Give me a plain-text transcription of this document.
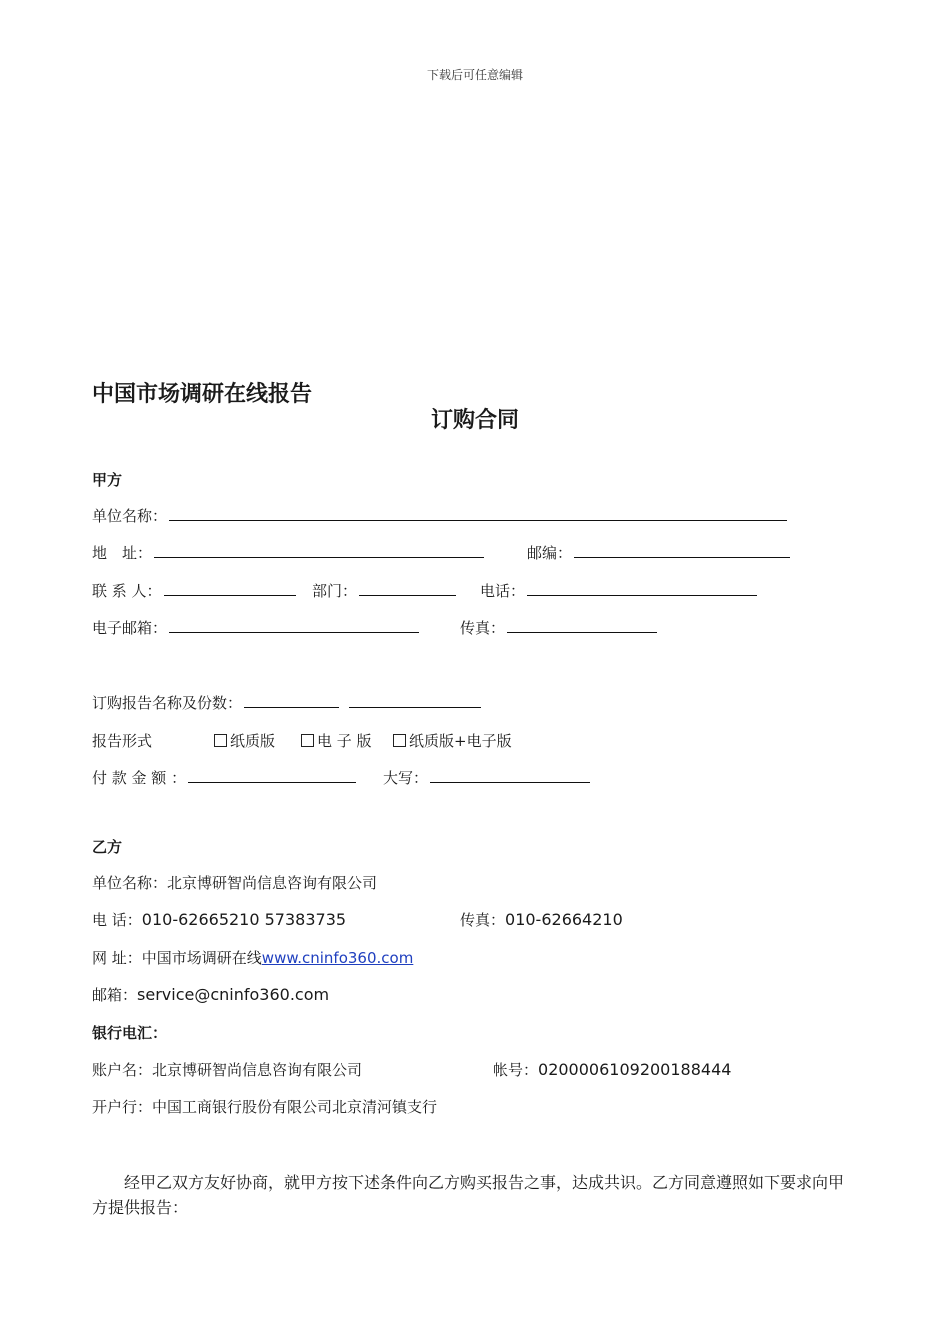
下载后可任意编辑
中国市场调研在线报告
订购合同
甲方
单位名称：
地　址：	邮编：
联 系 人：	部门：	电话：
电子邮箱：	传真：
订购报告名称及份数：
报告形式	纸质版	电 子 版	纸质版+电子版
付 款 金 额 ：	大写：
乙方
单位名称：北京博研智尚信息咨询有限公司
电 话：010-62665210 57383735	传真：010-62664210
网 址：中国市场调研在线www.cninfo360.com
邮箱：service@cninfo360.com
银行电汇：
账户名：北京博研智尚信息咨询有限公司	帐号：0200006109200188444
开户行：中国工商银行股份有限公司北京清河镇支行
经甲乙双方友好协商，就甲方按下述条件向乙方购买报告之事，达成共识。乙方同意遵照如下要求向甲方提供报告：
